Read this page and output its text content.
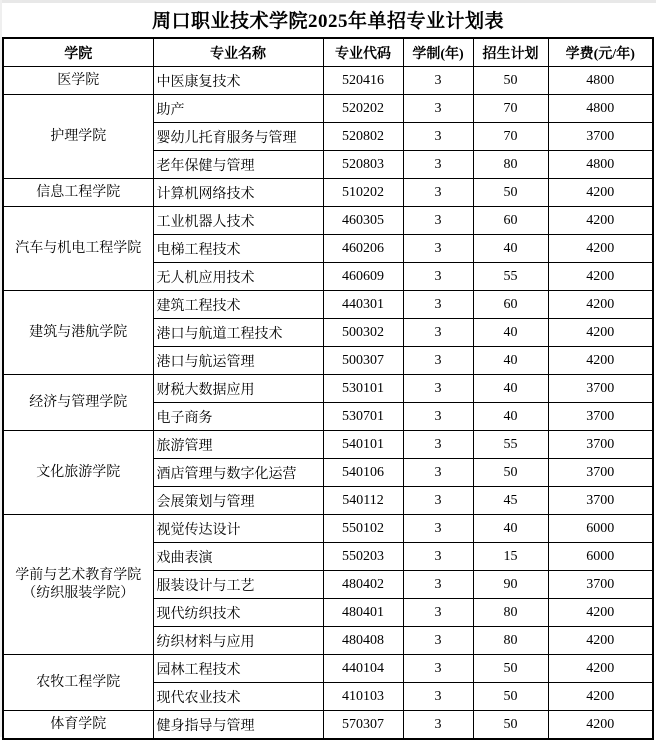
周口职业技术学院2025年单招专业计划表
学院	专业名称	专业代码	学制(年)	招生计划	学费(元/年)

医学院	中医康复技术	520416	3	50	4800

护理学院	助产	520202	3	70	4800
	婴幼儿托育服务与管理	520802	3	70	3700
	老年保健与管理	520803	3	80	4800

信息工程学院	计算机网络技术	510202	3	50	4200

汽车与机电工程学院	工业机器人技术	460305	3	60	4200
	电梯工程技术	460206	3	40	4200
	无人机应用技术	460609	3	55	4200

建筑与港航学院	建筑工程技术	440301	3	60	4200
	港口与航道工程技术	500302	3	40	4200
	港口与航运管理	500307	3	40	4200

经济与管理学院	财税大数据应用	530101	3	40	3700
	电子商务	530701	3	40	3700

文化旅游学院	旅游管理	540101	3	55	3700
	酒店管理与数字化运营	540106	3	50	3700
	会展策划与管理	540112	3	45	3700

学前与艺术教育学院
（纺织服装学院）	视觉传达设计	550102	3	40	6000
	戏曲表演	550203	3	15	6000
	服装设计与工艺	480402	3	90	3700
	现代纺织技术	480401	3	80	4200
	纺织材料与应用	480408	3	80	4200

农牧工程学院	园林工程技术	440104	3	50	4200
	现代农业技术	410103	3	50	4200

体育学院	健身指导与管理	570307	3	50	4200
